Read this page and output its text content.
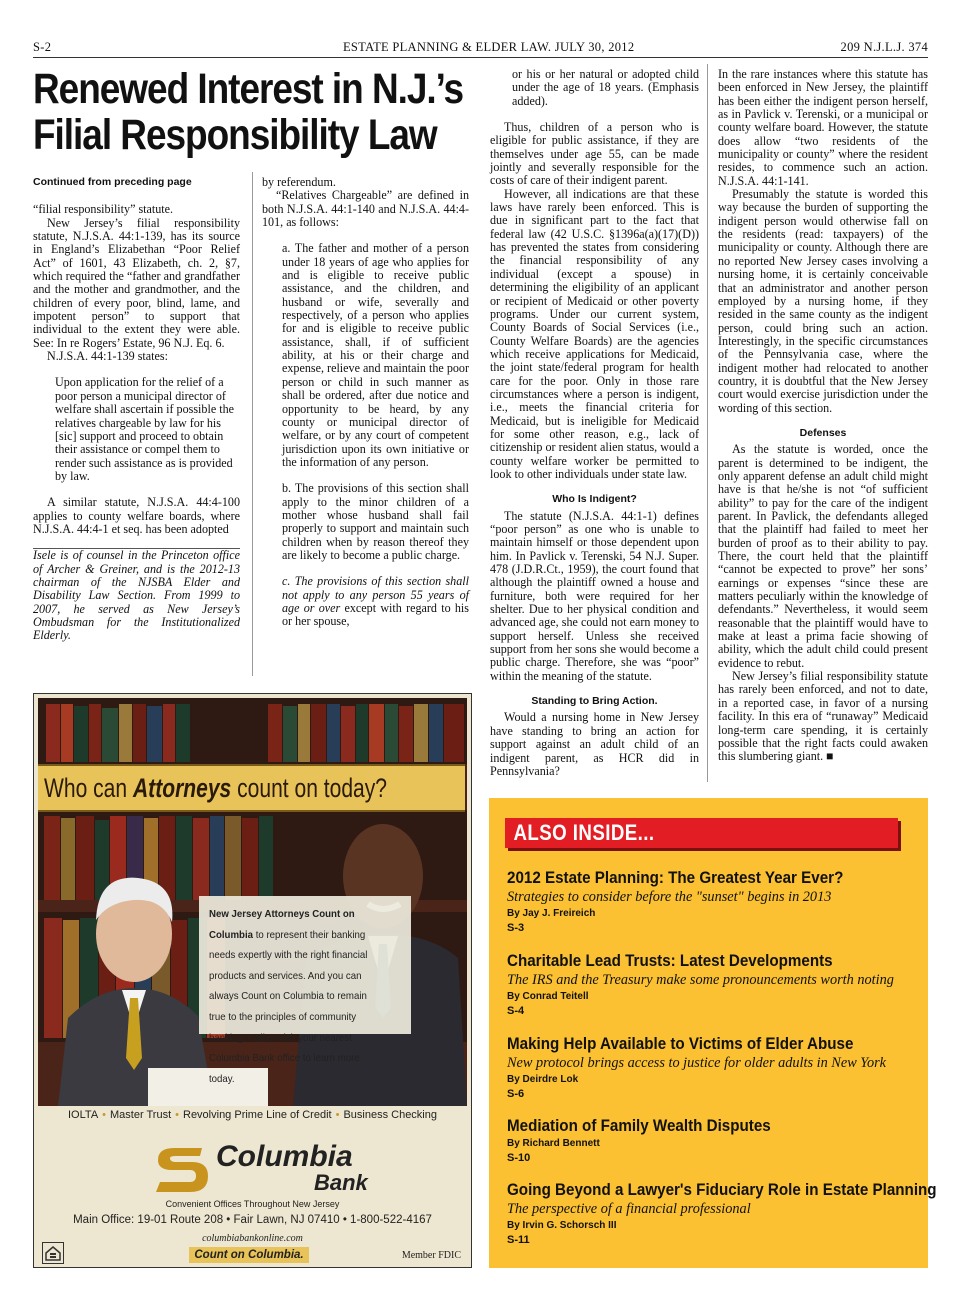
S-2	ESTATE PLANNING & ELDER LAW. JULY 30, 2012	209 N.J.L.J. 374
Renewed Interest in N.J.’s
Filial Responsibility Law
Continued from preceding page

“filial responsibility” statute.

New Jersey’s filial responsibility statute, N.J.S.A. 44:1-139, has its source in England’s Elizabethan “Poor Relief Act” of 1601, 43 Elizabeth, ch. 2, §7, which required the “father and grandfather and the mother and grandmother, and the children of every poor, blind, lame, and impotent person” to support that individual to the extent they were able. See: In re Rogers’ Estate, 96 N.J. Eq. 6.

N.J.S.A. 44:1-139 states:

Upon application for the relief of a poor person a municipal director of welfare shall ascertain if possible the relatives chargeable by law for his [sic] support and proceed to obtain their assistance or compel them to render such assistance as is provided by law.

A similar statute, N.J.S.A. 44:4-100 applies to county welfare boards, where N.J.S.A. 44:4-1 et seq. has been adopted

Isele is of counsel in the Princeton office of Archer & Greiner, and is the 2012-13 chairman of the NJSBA Elder and Disability Law Section. From 1999 to 2007, he served as New Jersey’s Ombudsman for the Institutionalized Elderly.

by referendum.

“Relatives Chargeable” are defined in both N.J.S.A. 44:1-140 and N.J.S.A. 44:4-101, as follows:

a. The father and mother of a person under 18 years of age who applies for and is eligible to receive public assistance, and the children, and husband or wife, severally and respectively, of a person who applies for and is eligible to receive public assistance, shall, if of sufficient ability, at his or their charge and expense, relieve and maintain the poor person or child in such manner as shall be ordered, after due notice and opportunity to be heard, by any county or municipal director of welfare, or by any court of competent jurisdiction upon its own initiative or the information of any person.

b. The provisions of this section shall apply to the minor children of a mother whose husband shall fail properly to support and maintain such children when by reason thereof they are likely to become a public charge.

c. The provisions of this section shall not apply to any person 55 years of age or over except with regard to his or her spouse,

or his or her natural or adopted child under the age of 18 years. (Emphasis added).

Thus, children of a person who is eligible for public assistance, if they are themselves under age 55, can be made jointly and severally responsible for the costs of care of their indigent parent.

However, all indications are that these laws have rarely been enforced. This is due in significant part to the fact that federal law (42 U.S.C. §1396a(a)(17)(D)) has prevented the states from considering the financial responsibility of any individual (except a spouse) in determining the eligibility of an applicant or recipient of Medicaid or other poverty programs. Under our current system, County Boards of Social Services (i.e., County Welfare Boards) are the agencies which receive applications for Medicaid, the joint state/federal program for health care for the poor. Only in those rare circumstances where a person is indigent, i.e., meets the financial criteria for Medicaid, but is ineligible for Medicaid for some other reason, e.g., lack of citizenship or resident alien status, would a county welfare worker be permitted to look to other individuals under state law.

Who Is Indigent?

The statute (N.J.S.A. 44:1-1) defines “poor person” as one who is unable to maintain himself or those dependent upon him. In Pavlick v. Terenski, 54 N.J. Super. 478 (J.D.R.Ct., 1959), the court found that although the plaintiff owned a house and furniture, both were required for her shelter. Due to her physical condition and advanced age, she could not earn money to support herself. Unless she received support from her sons she would become a public charge. Therefore, she was “poor” within the meaning of the statute.

Standing to Bring Action.

Would a nursing home in New Jersey have standing to bring an action for support against an adult child of an indigent parent, as HCR did in Pennsylvania?

In the rare instances where this statute has been enforced in New Jersey, the plaintiff has been either the indigent person herself, as in Pavlick v. Terenski, or a municipal or county welfare board. However, the statute does allow “two residents of the municipality or county” where the resident resides, to commence such an action. N.J.S.A. 44:1-141.

Presumably the statute is worded this way because the burden of supporting the indigent person would otherwise fall on the residents (read: taxpayers) of the municipality or county. Although there are no reported New Jersey cases involving a nursing home, it is certainly conceivable that an administrator and another person employed by a nursing home, if they resided in the same county as the indigent person, could bring such an action. Interestingly, in the specific circumstances of the Pennsylvania case, where the indigent mother had relocated to another country, it is doubtful that the New Jersey court would exercise jurisdiction under the wording of this section.

Defenses

As the statute is worded, once the parent is determined to be indigent, the only apparent defense an adult child might have is that he/she is not “of sufficient ability” to pay for the care of the indigent parent. In Pavlick, the defendants alleged that the plaintiff had failed to meet her burden of proof as to their ability to pay. There, the court held that the plaintiff “cannot be expected to prove” her sons’ earnings or expenses “since these are matters peculiarly within the knowledge of defendants.” Nevertheless, it would seem reasonable that the plaintiff would have to make at least a prima facie showing of ability, which the adult child could present evidence to rebut.

New Jersey’s filial responsibility statute has rarely been enforced, and not to date, in a reported case, in favor of a nursing facility. In this era of “runaway” Medicaid long-term care spending, it is certainly possible that the right facts could awaken this slumbering giant. ■

Who can Attorneys count on today?
New Jersey Attorneys Count on Columbia to represent their banking needs expertly with the right financial products and services. And you can always Count on Columbia to remain true to the principles of community banking. Call or visit your nearest Columbia Bank office to learn more today.
IOLTA • Master Trust • Revolving Prime Line of Credit • Business Checking
Columbia
Bank
Convenient Offices Throughout New Jersey
Main Office: 19-01 Route 208 • Fair Lawn, NJ 07410 • 1-800-522-4167
columbiabankonline.com
Count on Columbia.	Member FDIC
ALSO INSIDE...
2012 Estate Planning: The Greatest Year Ever?
Strategies to consider before the "sunset" begins in 2013
By Jay J. Freireich
S-3
Charitable Lead Trusts: Latest Developments
The IRS and the Treasury make some pronouncements worth noting
By Conrad Teitell
S-4
Making Help Available to Victims of Elder Abuse
New protocol brings access to justice for older adults in New York
By Deirdre Lok
S-6
Mediation of Family Wealth Disputes
By Richard Bennett
S-10
Going Beyond a Lawyer's Fiduciary Role in Estate Planning
The perspective of a financial professional
By Irvin G. Schorsch III
S-11
